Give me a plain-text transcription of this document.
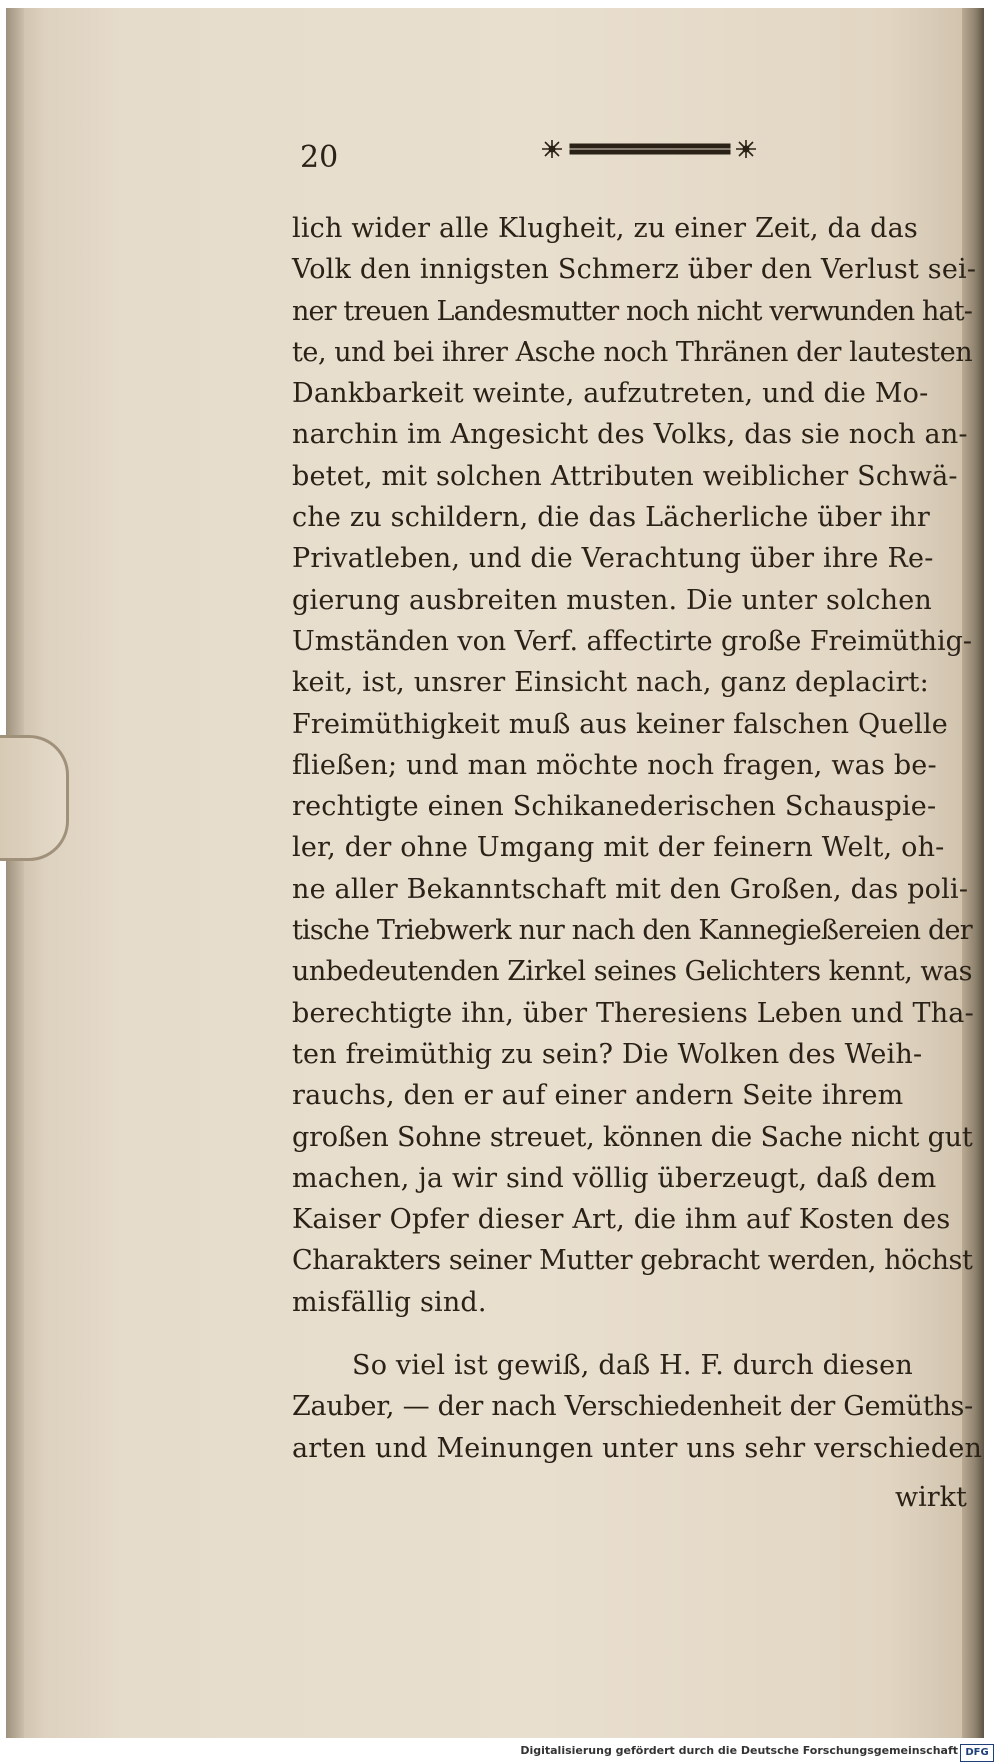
20
lich wider alle Klugheit, zu einer Zeit, da das
Volk den innigsten Schmerz über den Verlust sei-
ner treuen Landesmutter noch nicht verwunden hat-
te, und bei ihrer Asche noch Thränen der lautesten
Dankbarkeit weinte, aufzutreten, und die Mo-
narchin im Angesicht des Volks, das sie noch an-
betet, mit solchen Attributen weiblicher Schwä-
che zu schildern, die das Lächerliche über ihr
Privatleben, und die Verachtung über ihre Re-
gierung ausbreiten musten. Die unter solchen
Umständen von Verf. affectirte große Freimüthig-
keit, ist, unsrer Einsicht nach, ganz deplacirt:
Freimüthigkeit muß aus keiner falschen Quelle
fließen; und man möchte noch fragen, was be-
rechtigte einen Schikanederischen Schauspie-
ler, der ohne Umgang mit der feinern Welt, oh-
ne aller Bekanntschaft mit den Großen, das poli-
tische Triebwerk nur nach den Kannegießereien der
unbedeutenden Zirkel seines Gelichters kennt, was
berechtigte ihn, über Theresiens Leben und Tha-
ten freimüthig zu sein? Die Wolken des Weih-
rauchs, den er auf einer andern Seite ihrem
großen Sohne streuet, können die Sache nicht gut
machen, ja wir sind völlig überzeugt, daß dem
Kaiser Opfer dieser Art, die ihm auf Kosten des
Charakters seiner Mutter gebracht werden, höchst
misfällig sind.
So viel ist gewiß, daß H. F. durch diesen
Zauber, — der nach Verschiedenheit der Gemüths-
arten und Meinungen unter uns sehr verschieden
wirkt
Digitalisierung gefördert durch die Deutsche Forschungsgemeinschaft DFG
